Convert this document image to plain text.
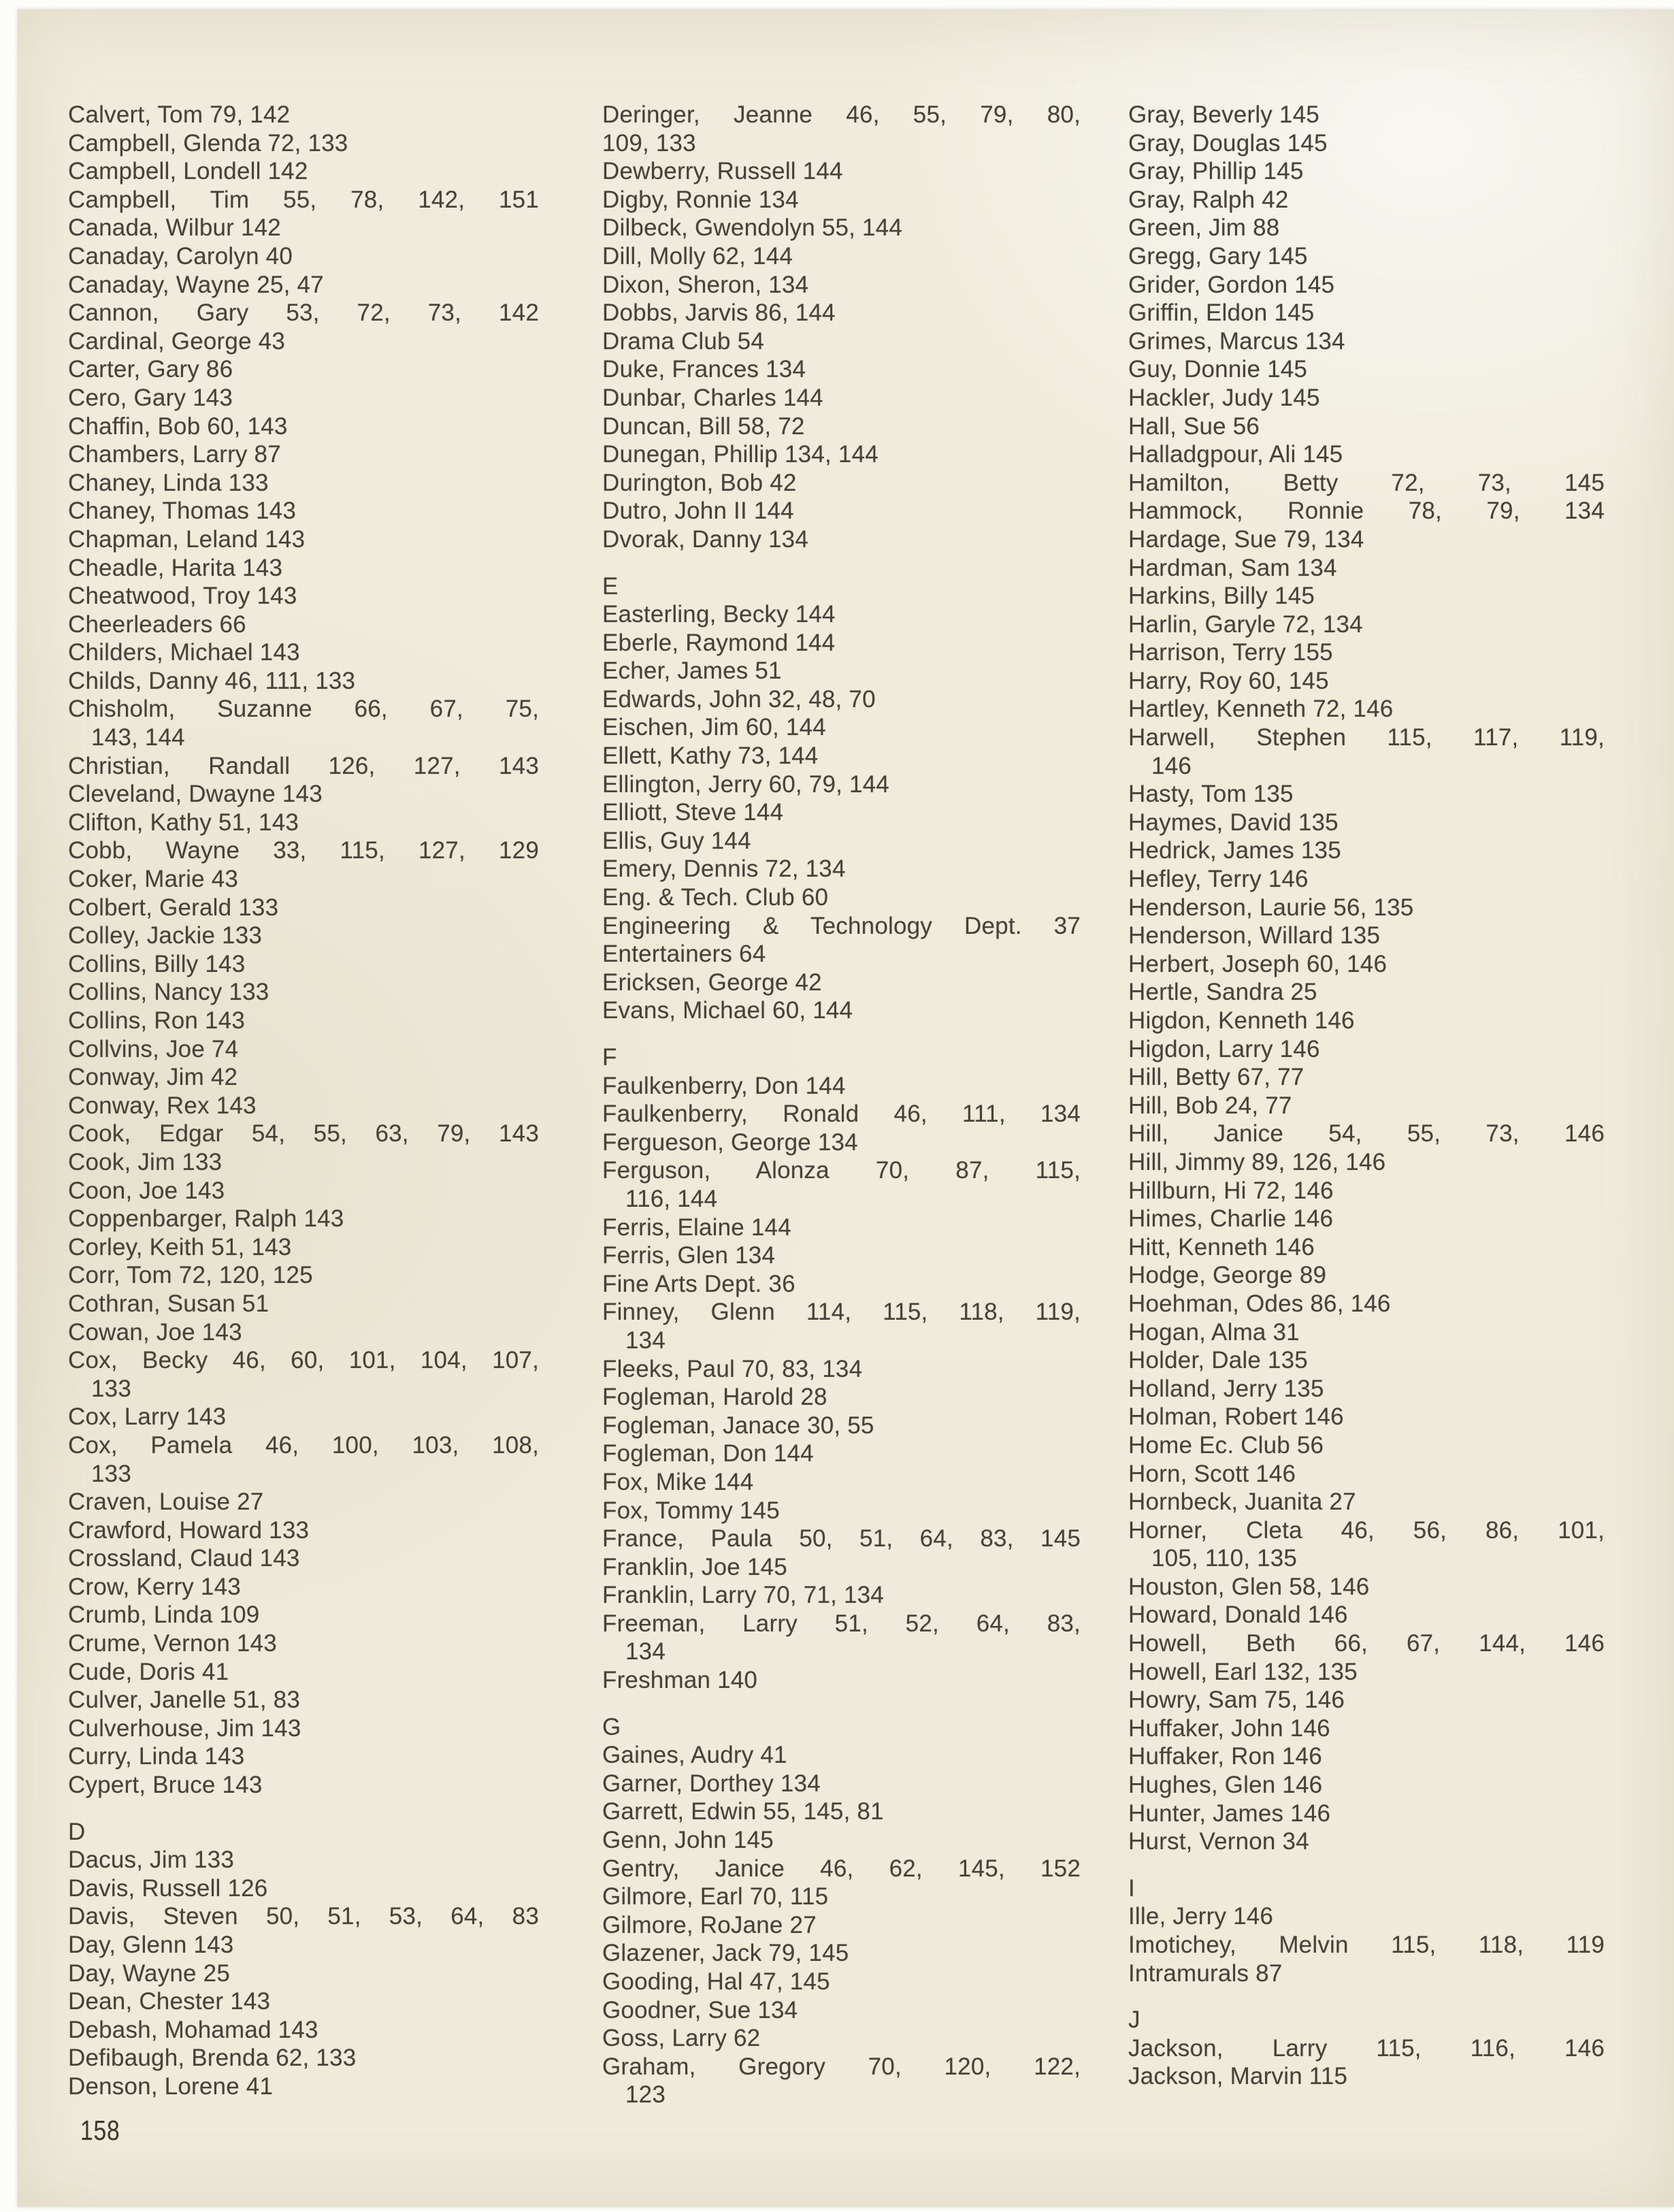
Calvert, Tom 79, 142
Campbell, Glenda 72, 133
Campbell, Londell 142
Campbell, Tim 55, 78, 142, 151
Canada, Wilbur 142
Canaday, Carolyn 40
Canaday, Wayne 25, 47
Cannon, Gary 53, 72, 73, 142
Cardinal, George 43
Carter, Gary 86
Cero, Gary 143
Chaffin, Bob 60, 143
Chambers, Larry 87
Chaney, Linda 133
Chaney, Thomas 143
Chapman, Leland 143
Cheadle, Harita 143
Cheatwood, Troy 143
Cheerleaders 66
Childers, Michael 143
Childs, Danny 46, 111, 133
Chisholm, Suzanne 66, 67, 75,
143, 144
Christian, Randall 126, 127, 143
Cleveland, Dwayne 143
Clifton, Kathy 51, 143
Cobb, Wayne 33, 115, 127, 129
Coker, Marie 43
Colbert, Gerald 133
Colley, Jackie 133
Collins, Billy 143
Collins, Nancy 133
Collins, Ron 143
Collvins, Joe 74
Conway, Jim 42
Conway, Rex 143
Cook, Edgar 54, 55, 63, 79, 143
Cook, Jim 133
Coon, Joe 143
Coppenbarger, Ralph 143
Corley, Keith 51, 143
Corr, Tom 72, 120, 125
Cothran, Susan 51
Cowan, Joe 143
Cox, Becky 46, 60, 101, 104, 107,
133
Cox, Larry 143
Cox, Pamela 46, 100, 103, 108,
133
Craven, Louise 27
Crawford, Howard 133
Crossland, Claud 143
Crow, Kerry 143
Crumb, Linda 109
Crume, Vernon 143
Cude, Doris 41
Culver, Janelle 51, 83
Culverhouse, Jim 143
Curry, Linda 143
Cypert, Bruce 143
D
Dacus, Jim 133
Davis, Russell 126
Davis, Steven 50, 51, 53, 64, 83
Day, Glenn 143
Day, Wayne 25
Dean, Chester 143
Debash, Mohamad 143
Defibaugh, Brenda 62, 133
Denson, Lorene 41
Deringer, Jeanne 46, 55, 79, 80,
109, 133
Dewberry, Russell 144
Digby, Ronnie 134
Dilbeck, Gwendolyn 55, 144
Dill, Molly 62, 144
Dixon, Sheron, 134
Dobbs, Jarvis 86, 144
Drama Club 54
Duke, Frances 134
Dunbar, Charles 144
Duncan, Bill 58, 72
Dunegan, Phillip 134, 144
Durington, Bob 42
Dutro, John II 144
Dvorak, Danny 134
E
Easterling, Becky 144
Eberle, Raymond 144
Echer, James 51
Edwards, John 32, 48, 70
Eischen, Jim 60, 144
Ellett, Kathy 73, 144
Ellington, Jerry 60, 79, 144
Elliott, Steve 144
Ellis, Guy 144
Emery, Dennis 72, 134
Eng. & Tech. Club 60
Engineering & Technology Dept. 37
Entertainers 64
Ericksen, George 42
Evans, Michael 60, 144
F
Faulkenberry, Don 144
Faulkenberry, Ronald 46, 111, 134
Fergueson, George 134
Ferguson, Alonza 70, 87, 115,
116, 144
Ferris, Elaine 144
Ferris, Glen 134
Fine Arts Dept. 36
Finney, Glenn 114, 115, 118, 119,
134
Fleeks, Paul 70, 83, 134
Fogleman, Harold 28
Fogleman, Janace 30, 55
Fogleman, Don 144
Fox, Mike 144
Fox, Tommy 145
France, Paula 50, 51, 64, 83, 145
Franklin, Joe 145
Franklin, Larry 70, 71, 134
Freeman, Larry 51, 52, 64, 83,
134
Freshman 140
G
Gaines, Audry 41
Garner, Dorthey 134
Garrett, Edwin 55, 145, 81
Genn, John 145
Gentry, Janice 46, 62, 145, 152
Gilmore, Earl 70, 115
Gilmore, RoJane 27
Glazener, Jack 79, 145
Gooding, Hal 47, 145
Goodner, Sue 134
Goss, Larry 62
Graham, Gregory 70, 120, 122,
123
Gray, Beverly 145
Gray, Douglas 145
Gray, Phillip 145
Gray, Ralph 42
Green, Jim 88
Gregg, Gary 145
Grider, Gordon 145
Griffin, Eldon 145
Grimes, Marcus 134
Guy, Donnie 145
Hackler, Judy 145
Hall, Sue 56
Halladgpour, Ali 145
Hamilton, Betty 72, 73, 145
Hammock, Ronnie 78, 79, 134
Hardage, Sue 79, 134
Hardman, Sam 134
Harkins, Billy 145
Harlin, Garyle 72, 134
Harrison, Terry 155
Harry, Roy 60, 145
Hartley, Kenneth 72, 146
Harwell, Stephen 115, 117, 119,
146
Hasty, Tom 135
Haymes, David 135
Hedrick, James 135
Hefley, Terry 146
Henderson, Laurie 56, 135
Henderson, Willard 135
Herbert, Joseph 60, 146
Hertle, Sandra 25
Higdon, Kenneth 146
Higdon, Larry 146
Hill, Betty 67, 77
Hill, Bob 24, 77
Hill, Janice 54, 55, 73, 146
Hill, Jimmy 89, 126, 146
Hillburn, Hi 72, 146
Himes, Charlie 146
Hitt, Kenneth 146
Hodge, George 89
Hoehman, Odes 86, 146
Hogan, Alma 31
Holder, Dale 135
Holland, Jerry 135
Holman, Robert 146
Home Ec. Club 56
Horn, Scott 146
Hornbeck, Juanita 27
Horner, Cleta 46, 56, 86, 101,
105, 110, 135
Houston, Glen 58, 146
Howard, Donald 146
Howell, Beth 66, 67, 144, 146
Howell, Earl 132, 135
Howry, Sam 75, 146
Huffaker, John 146
Huffaker, Ron 146
Hughes, Glen 146
Hunter, James 146
Hurst, Vernon 34
I
Ille, Jerry 146
Imotichey, Melvin 115, 118, 119
Intramurals 87
J
Jackson, Larry 115, 116, 146
Jackson, Marvin 115
158
